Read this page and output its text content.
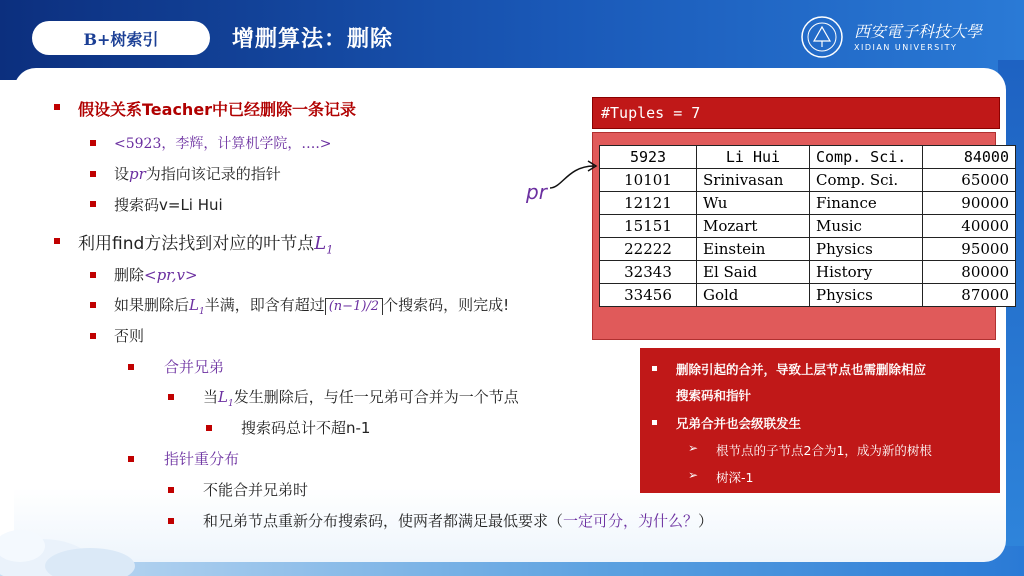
B+树索引	增删算法：删除	西安電子科技大學
XIDIAN UNIVERSITY
假设关系Teacher中已经删除一条记录
<5923，李辉，计算机学院，….>
设pr为指向该记录的指针
搜索码v=Li Hui
利用find方法找到对应的叶节点$L_1$
删除<pr,v>
如果删除后$L_1$半满，即含有超过 (n−1)/2 个搜索码，则完成!
否则
合并兄弟
当$L_1$发生删除后，与任一兄弟可合并为一个节点
搜索码总计不超n-1
指针重分布
不能合并兄弟时
和兄弟节点重新分布搜索码，使两者都满足最低要求（一定可分，为什么？）
#Tuples = 7
5923	Li Hui	Comp. Sci.	84000
10101	Srinivasan	Comp. Sci.	65000
12121	Wu	Finance	90000
15151	Mozart	Music	40000
22222	Einstein	Physics	95000
32343	El Said	History	80000
33456	Gold	Physics	87000
pr
删除引起的合并，导致上层节点也需删除相应
搜索码和指针
兄弟合并也会级联发生
➢ 根节点的子节点2合为1，成为新的树根
➢ 树深-1
